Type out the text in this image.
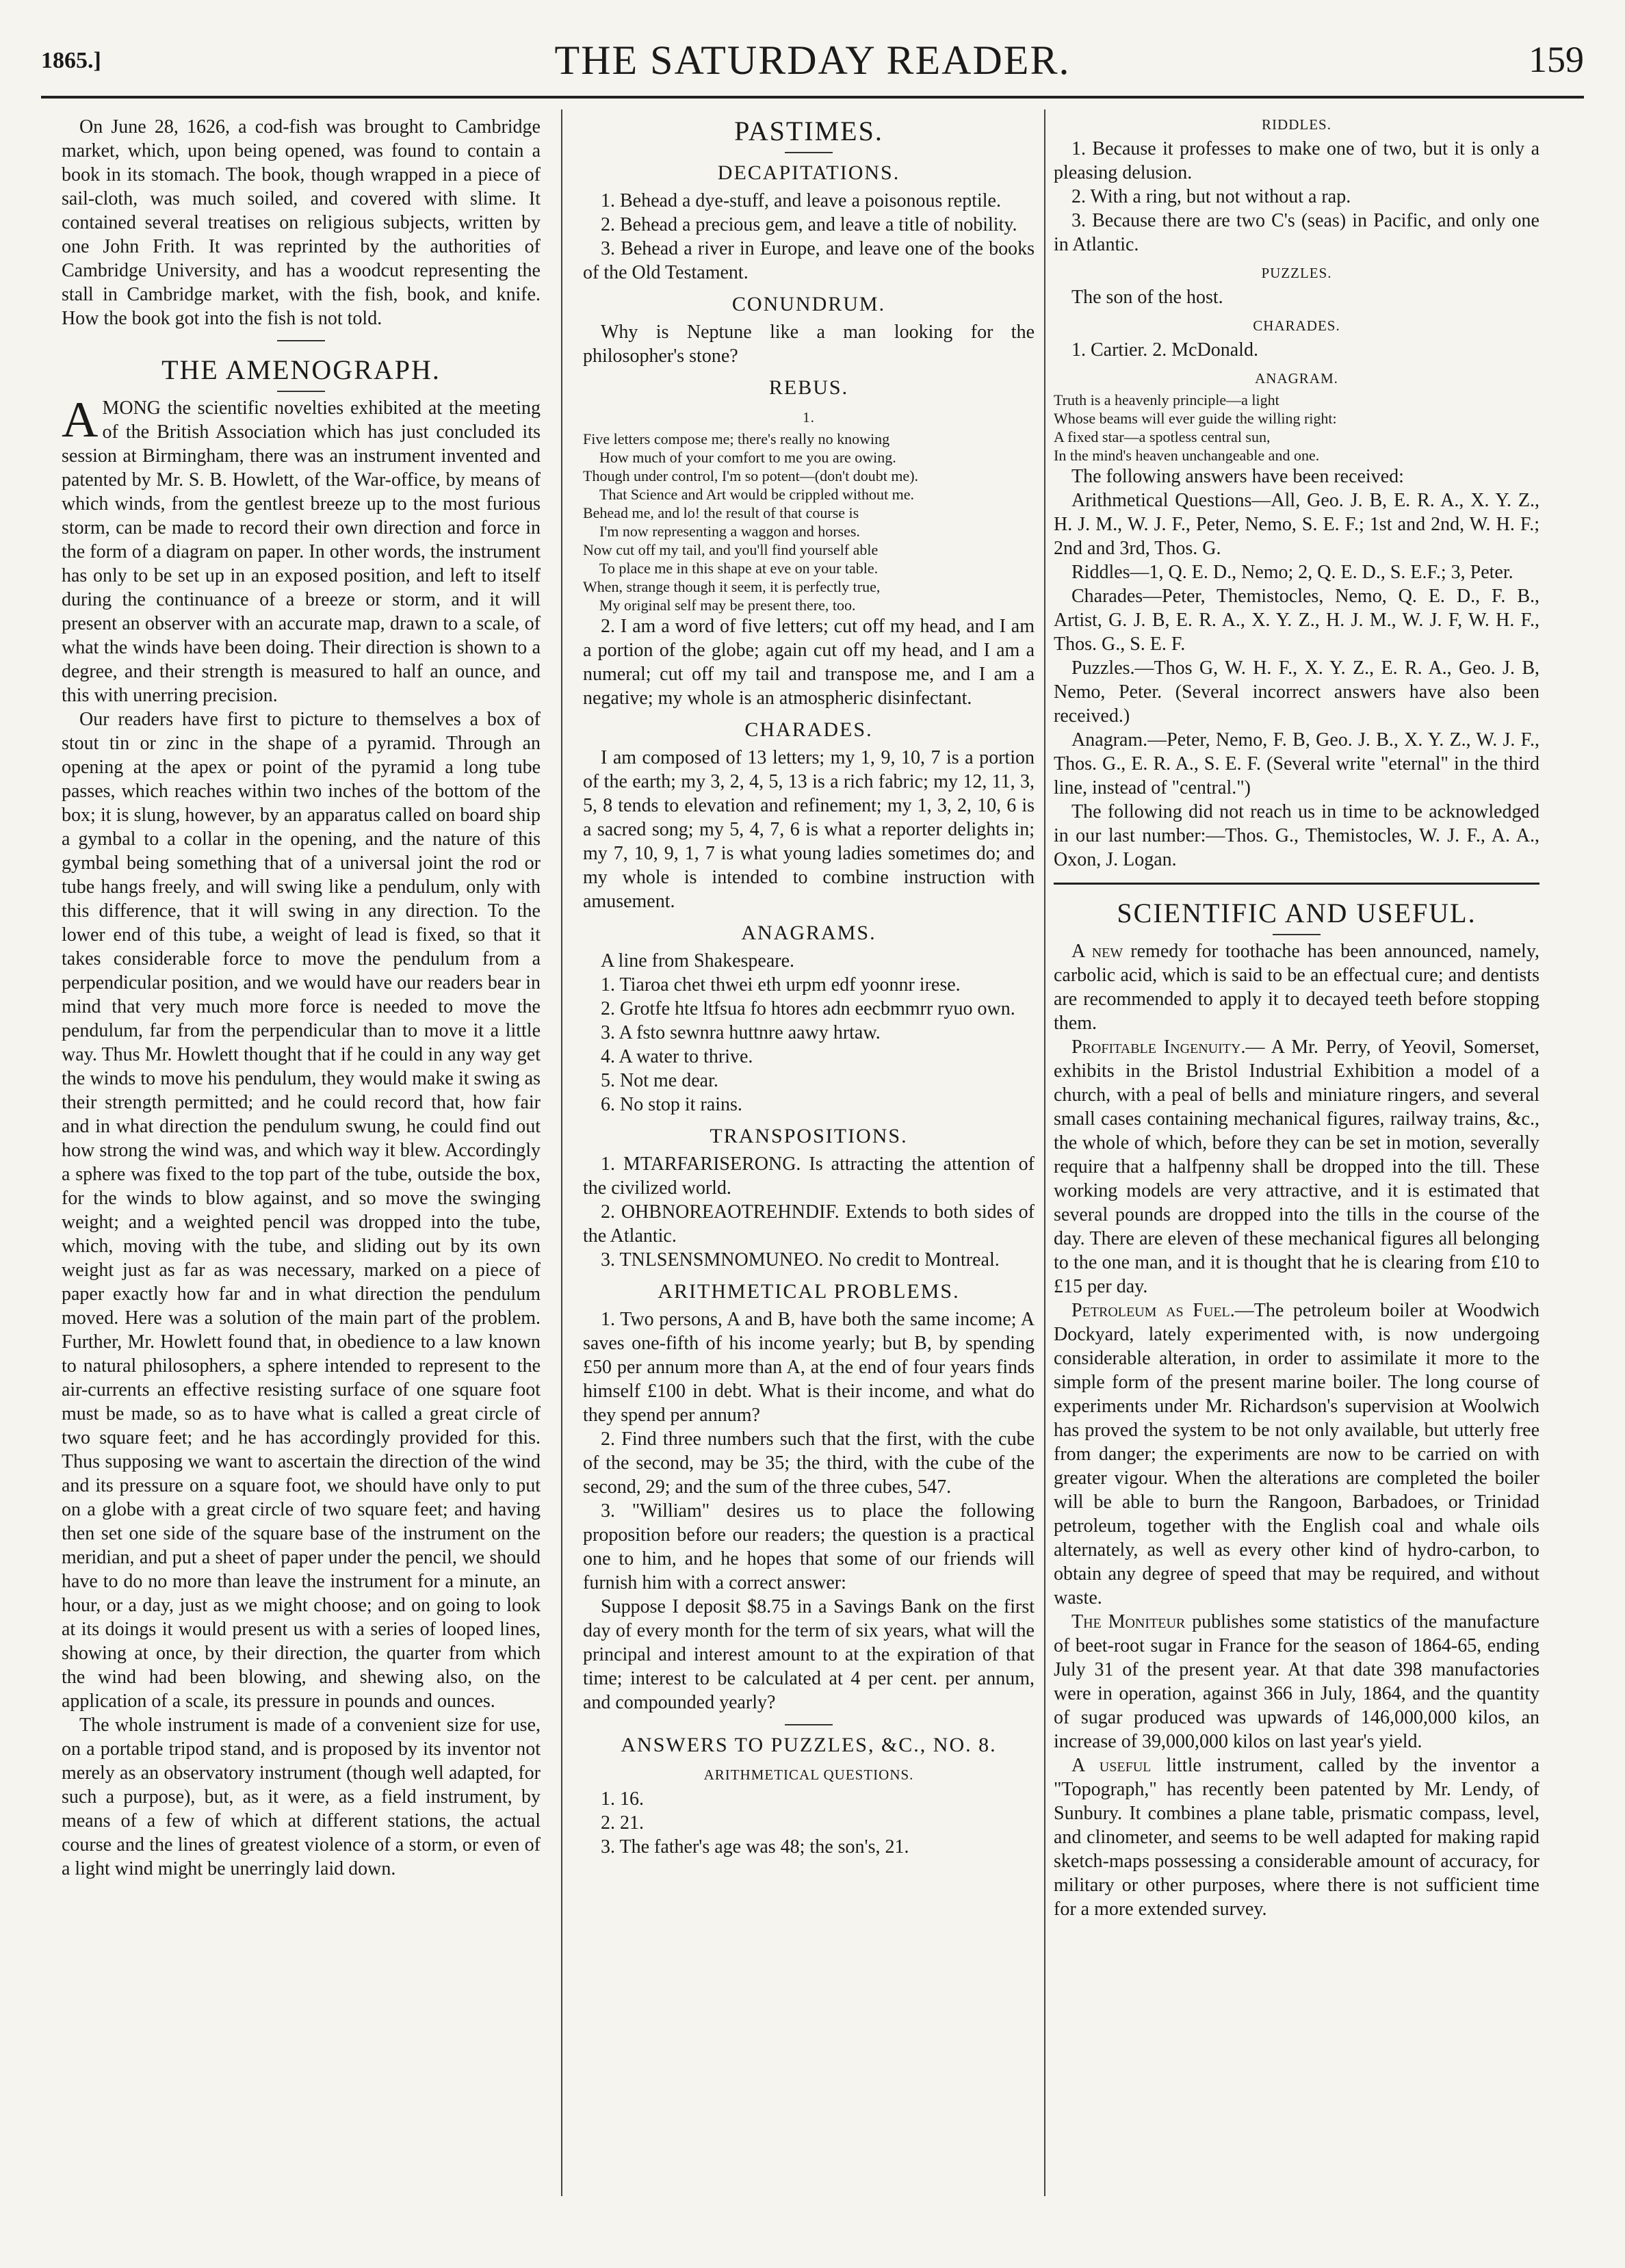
1865.]	THE SATURDAY READER.	159

On June 28, 1626, a cod-fish was brought to Cambridge market, which, upon being opened, was found to contain a book in its stomach. The book, though wrapped in a piece of sail-cloth, was much soiled, and covered with slime. It contained several treatises on religious subjects, written by one John Frith. It was reprinted by the authorities of Cambridge University, and has a woodcut representing the stall in Cambridge market, with the fish, book, and knife. How the book got into the fish is not told.

THE AMENOGRAPH.

AMONG the scientific novelties exhibited at the meeting of the British Association which has just concluded its session at Birmingham, there was an instrument invented and patented by Mr. S. B. Howlett, of the War-office, by means of which winds, from the gentlest breeze up to the most furious storm, can be made to record their own direction and force in the form of a diagram on paper. In other words, the instrument has only to be set up in an exposed position, and left to itself during the continuance of a breeze or storm, and it will present an observer with an accurate map, drawn to a scale, of what the winds have been doing. Their direction is shown to a degree, and their strength is measured to half an ounce, and this with unerring precision.

Our readers have first to picture to themselves a box of stout tin or zinc in the shape of a pyramid. Through an opening at the apex or point of the pyramid a long tube passes, which reaches within two inches of the bottom of the box; it is slung, however, by an apparatus called on board ship a gymbal to a collar in the opening, and the nature of this gymbal being something that of a universal joint the rod or tube hangs freely, and will swing like a pendulum, only with this difference, that it will swing in any direction. To the lower end of this tube, a weight of lead is fixed, so that it takes considerable force to move the pendulum from a perpendicular position, and we would have our readers bear in mind that very much more force is needed to move the pendulum, far from the perpendicular than to move it a little way. Thus Mr. Howlett thought that if he could in any way get the winds to move his pendulum, they would make it swing as their strength permitted; and he could record that, how fair and in what direction the pendulum swung, he could find out how strong the wind was, and which way it blew. Accordingly a sphere was fixed to the top part of the tube, outside the box, for the winds to blow against, and so move the swinging weight; and a weighted pencil was dropped into the tube, which, moving with the tube, and sliding out by its own weight just as far as was necessary, marked on a piece of paper exactly how far and in what direction the pendulum moved. Here was a solution of the main part of the problem. Further, Mr. Howlett found that, in obedience to a law known to natural philosophers, a sphere intended to represent to the air-currents an effective resisting surface of one square foot must be made, so as to have what is called a great circle of two square feet; and he has accordingly provided for this. Thus supposing we want to ascertain the direction of the wind and its pressure on a square foot, we should have only to put on a globe with a great circle of two square feet; and having then set one side of the square base of the instrument on the meridian, and put a sheet of paper under the pencil, we should have to do no more than leave the instrument for a minute, an hour, or a day, just as we might choose; and on going to look at its doings it would present us with a series of looped lines, showing at once, by their direction, the quarter from which the wind had been blowing, and shewing also, on the application of a scale, its pressure in pounds and ounces.

The whole instrument is made of a convenient size for use, on a portable tripod stand, and is proposed by its inventor not merely as an observatory instrument (though well adapted, for such a purpose), but, as it were, as a field instrument, by means of a few of which at different stations, the actual course and the lines of greatest violence of a storm, or even of a light wind might be unerringly laid down.

PASTIMES.
DECAPITATIONS.

1. Behead a dye-stuff, and leave a poisonous reptile.

2. Behead a precious gem, and leave a title of nobility.

3. Behead a river in Europe, and leave one of the books of the Old Testament.

CONUNDRUM.

Why is Neptune like a man looking for the philosopher's stone?

REBUS.
1.

Five letters compose me; there's really no knowing
How much of your comfort to me you are owing.
Though under control, I'm so potent—(don't doubt me).
That Science and Art would be crippled without me.
Behead me, and lo! the result of that course is
I'm now representing a waggon and horses.
Now cut off my tail, and you'll find yourself able
To place me in this shape at eve on your table.
When, strange though it seem, it is perfectly true,
My original self may be present there, too.

2. I am a word of five letters; cut off my head, and I am a portion of the globe; again cut off my head, and I am a numeral; cut off my tail and transpose me, and I am a negative; my whole is an atmospheric disinfectant.

CHARADES.

I am composed of 13 letters; my 1, 9, 10, 7 is a portion of the earth; my 3, 2, 4, 5, 13 is a rich fabric; my 12, 11, 3, 5, 8 tends to elevation and refinement; my 1, 3, 2, 10, 6 is a sacred song; my 5, 4, 7, 6 is what a reporter delights in; my 7, 10, 9, 1, 7 is what young ladies sometimes do; and my whole is intended to combine instruction with amusement.

ANAGRAMS.

A line from Shakespeare.

1. Tiaroa chet thwei eth urpm edf yoonnr irese.

2. Grotfe hte ltfsua fo htores adn eecbmmrr ryuo own.

3. A fsto sewnra huttnre aawy hrtaw.

4. A water to thrive.

5. Not me dear.

6. No stop it rains.

TRANSPOSITIONS.

1. MTARFARISERONG. Is attracting the attention of the civilized world.

2. OHBNOREAOTREHNDIF. Extends to both sides of the Atlantic.

3. TNLSENSMNOMUNEO. No credit to Montreal.

ARITHMETICAL PROBLEMS.

1. Two persons, A and B, have both the same income; A saves one-fifth of his income yearly; but B, by spending £50 per annum more than A, at the end of four years finds himself £100 in debt. What is their income, and what do they spend per annum?

2. Find three numbers such that the first, with the cube of the second, may be 35; the third, with the cube of the second, 29; and the sum of the three cubes, 547.

3. "William" desires us to place the following proposition before our readers; the question is a practical one to him, and he hopes that some of our friends will furnish him with a correct answer:

Suppose I deposit $8.75 in a Savings Bank on the first day of every month for the term of six years, what will the principal and interest amount to at the expiration of that time; interest to be calculated at 4 per cent. per annum, and compounded yearly?

ANSWERS TO PUZZLES, &C., NO. 8.
ARITHMETICAL QUESTIONS.

1. 16.

2. 21.

3. The father's age was 48; the son's, 21.

RIDDLES.

1. Because it professes to make one of two, but it is only a pleasing delusion.

2. With a ring, but not without a rap.

3. Because there are two C's (seas) in Pacific, and only one in Atlantic.

PUZZLES.

The son of the host.

CHARADES.

1. Cartier. 2. McDonald.

ANAGRAM.

Truth is a heavenly principle—a light
Whose beams will ever guide the willing right:
A fixed star—a spotless central sun,
In the mind's heaven unchangeable and one.

The following answers have been received:

Arithmetical Questions—All, Geo. J. B, E. R. A., X. Y. Z., H. J. M., W. J. F., Peter, Nemo, S. E. F.; 1st and 2nd, W. H. F.; 2nd and 3rd, Thos. G.

Riddles—1, Q. E. D., Nemo; 2, Q. E. D., S. E.F.; 3, Peter.

Charades—Peter, Themistocles, Nemo, Q. E. D., F. B., Artist, G. J. B, E. R. A., X. Y. Z., H. J. M., W. J. F, W. H. F., Thos. G., S. E. F.

Puzzles.—Thos G, W. H. F., X. Y. Z., E. R. A., Geo. J. B, Nemo, Peter. (Several incorrect answers have also been received.)

Anagram.—Peter, Nemo, F. B, Geo. J. B., X. Y. Z., W. J. F., Thos. G., E. R. A., S. E. F. (Several write "eternal" in the third line, instead of "central.")

The following did not reach us in time to be acknowledged in our last number:—Thos. G., Themistocles, W. J. F., A. A., Oxon, J. Logan.

SCIENTIFIC AND USEFUL.

A new remedy for toothache has been announced, namely, carbolic acid, which is said to be an effectual cure; and dentists are recommended to apply it to decayed teeth before stopping them.

Profitable Ingenuity.— A Mr. Perry, of Yeovil, Somerset, exhibits in the Bristol Industrial Exhibition a model of a church, with a peal of bells and miniature ringers, and several small cases containing mechanical figures, railway trains, &c., the whole of which, before they can be set in motion, severally require that a halfpenny shall be dropped into the till. These working models are very attractive, and it is estimated that several pounds are dropped into the tills in the course of the day. There are eleven of these mechanical figures all belonging to the one man, and it is thought that he is clearing from £10 to £15 per day.

Petroleum as Fuel.—The petroleum boiler at Woodwich Dockyard, lately experimented with, is now undergoing considerable alteration, in order to assimilate it more to the simple form of the present marine boiler. The long course of experiments under Mr. Richardson's supervision at Woolwich has proved the system to be not only available, but utterly free from danger; the experiments are now to be carried on with greater vigour. When the alterations are completed the boiler will be able to burn the Rangoon, Barbadoes, or Trinidad petroleum, together with the English coal and whale oils alternately, as well as every other kind of hydro-carbon, to obtain any degree of speed that may be required, and without waste.

The Moniteur publishes some statistics of the manufacture of beet-root sugar in France for the season of 1864-65, ending July 31 of the present year. At that date 398 manufactories were in operation, against 366 in July, 1864, and the quantity of sugar produced was upwards of 146,000,000 kilos, an increase of 39,000,000 kilos on last year's yield.

A useful little instrument, called by the inventor a "Topograph," has recently been patented by Mr. Lendy, of Sunbury. It combines a plane table, prismatic compass, level, and clinometer, and seems to be well adapted for making rapid sketch-maps possessing a considerable amount of accuracy, for military or other purposes, where there is not sufficient time for a more extended survey.
